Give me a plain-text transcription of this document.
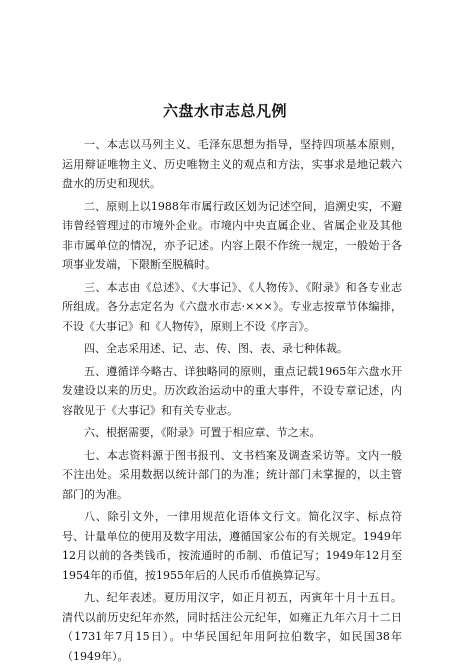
六盘水市志总凡例

一、本志以马列主义、毛泽东思想为指导，坚持四项基本原则，运用辩证唯物主义、历史唯物主义的观点和方法，实事求是地记载六盘水的历史和现状。

二、原则上以1988年市属行政区划为记述空间，追溯史实，不避讳曾经管理过的市境外企业。市境内中央直属企业、省属企业及其他非市属单位的情况，亦予记述。内容上限不作统一规定，一般始于各项事业发端，下限断至脱稿时。

三、本志由《总述》、《大事记》、《人物传》、《附录》和各专业志所组成。各分志定名为《六盘水市志·×××》。专业志按章节体编排，不设《大事记》和《人物传》，原则上不设《序言》。

四、全志采用述、记、志、传、图、表、录七种体裁。

五、遵循详今略古、详独略同的原则，重点记载1965年六盘水开发建设以来的历史。历次政治运动中的重大事件，不设专章记述，内容散见于《大事记》和有关专业志。

六、根据需要，《附录》可置于相应章、节之末。

七、本志资料源于图书报刊、文书档案及调查采访等。文内一般不注出处。采用数据以统计部门的为准；统计部门未掌握的，以主管部门的为准。

八、除引文外，一律用规范化语体文行文。简化汉字、标点符号、计量单位的使用及数字用法，遵循国家公布的有关规定。1949年12月以前的各类钱币，按流通时的币制、币值记写；1949年12月至1954年的币值，按1955年后的人民币币值换算记写。

九、纪年表述。夏历用汉字，如正月初五，丙寅年十月十五日。清代以前历史纪年亦然，同时括注公元纪年，如雍正九年六月十二日（1731年7月15日）。中华民国纪年用阿拉伯数字，如民国38年（1949年）。
